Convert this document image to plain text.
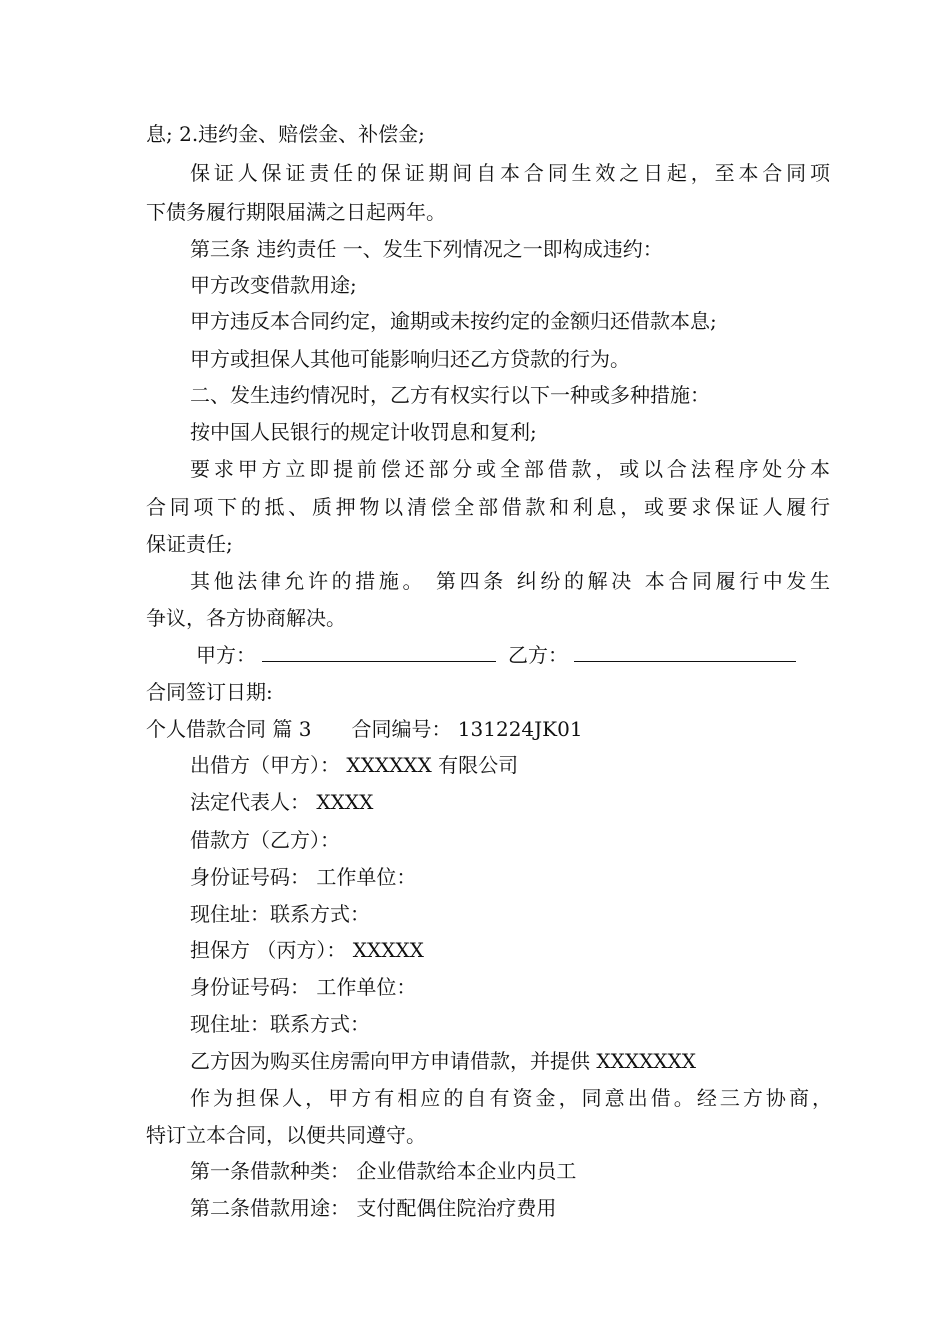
息; 2.违约金、赔偿金、补偿金;
保证人保证责任的保证期间自本合同生效之日起，至本合同项
下债务履行期限届满之日起两年。
第三条 违约责任 一、发生下列情况之一即构成违约：
甲方改变借款用途;
甲方违反本合同约定，逾期或未按约定的金额归还借款本息;
甲方或担保人其他可能影响归还乙方贷款的行为。
二、发生违约情况时，乙方有权实行以下一种或多种措施：
按中国人民银行的规定计收罚息和复利;
要求甲方立即提前偿还部分或全部借款，或以合法程序处分本
合同项下的抵、质押物以清偿全部借款和利息，或要求保证人履行
保证责任;
其他法律允许的措施。 第四条 纠纷的解决 本合同履行中发生
争议，各方协商解决。
甲方：	乙方：
合同签订日期:
个人借款合同 篇 3　　合同编号： 131224JK01
出借方（甲方）： XXXXXX 有限公司
法定代表人： XXXX
借款方（乙方）：
身份证号码： 工作单位：
现住址：联系方式：
担保方 （丙方）： XXXXX
身份证号码： 工作单位：
现住址：联系方式：
乙方因为购买住房需向甲方申请借款，并提供 XXXXXXX
作为担保人，甲方有相应的自有资金，同意出借。经三方协商，
特订立本合同，以便共同遵守。
第一条借款种类： 企业借款给本企业内员工
第二条借款用途： 支付配偶住院治疗费用
